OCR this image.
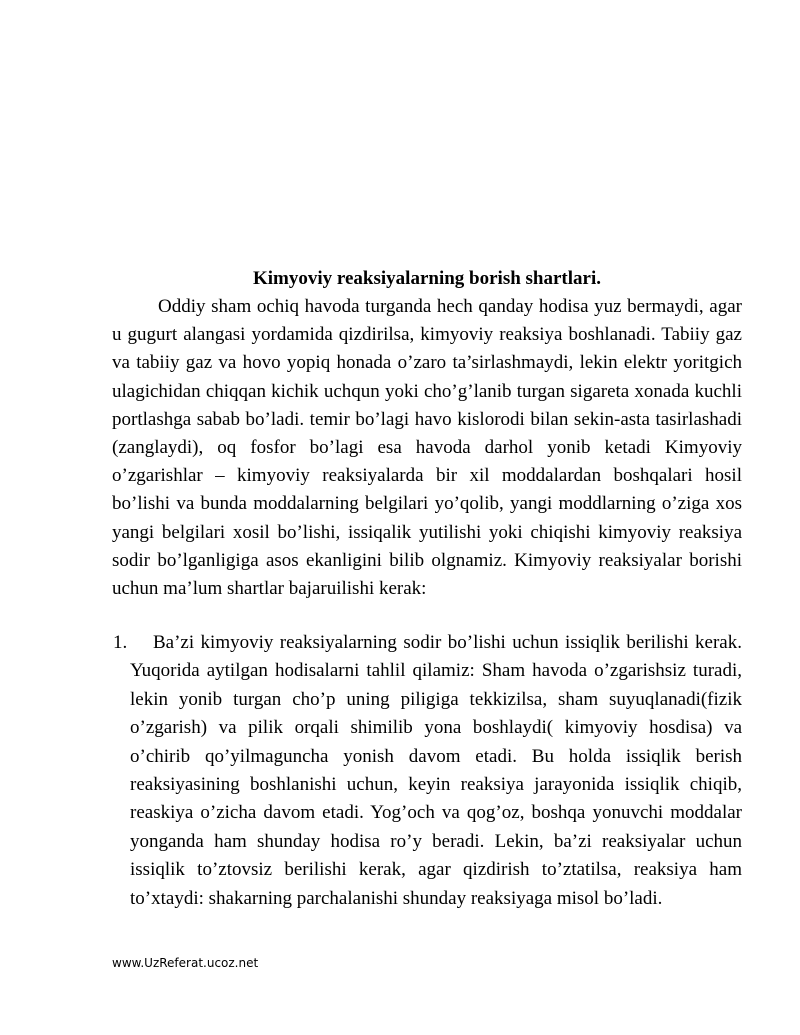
Kimyoviy reaksiyalarning borish shartlari.

Oddiy sham ochiq havoda turganda hech qanday hodisa yuz bermaydi, agar u gugurt alangasi yordamida qizdirilsa, kimyoviy reaksiya boshlanadi. Tabiiy gaz va tabiiy gaz va hovo yopiq honada o’zaro ta’sirlashmaydi, lekin elektr yoritgich ulagichidan chiqqan kichik uchqun yoki cho’g’lanib turgan sigareta xonada kuchli portlashga sabab bo’ladi. temir bo’lagi havo kislorodi bilan sekin-asta tasirlashadi (zanglaydi), oq fosfor bo’lagi esa havoda darhol yonib ketadi Kimyoviy o’zgarishlar – kimyoviy reaksiyalarda bir xil moddalardan boshqalari hosil bo’lishi va bunda moddalarning belgilari yo’qolib, yangi moddlarning o’ziga xos yangi belgilari xosil bo’lishi, issiqalik yutilishi yoki chiqishi kimyoviy reaksiya sodir bo’lganligiga asos ekanligini bilib olgnamiz. Kimyoviy reaksiyalar borishi uchun ma’lum shartlar bajaruilishi kerak:

1. Ba’zi kimyoviy reaksiyalarning sodir bo’lishi uchun issiqlik berilishi kerak. Yuqorida aytilgan hodisalarni tahlil qilamiz: Sham havoda o’zgarishsiz turadi, lekin yonib turgan cho’p uning piligiga tekkizilsa, sham suyuqlanadi(fizik o’zgarish) va pilik orqali shimilib yona boshlaydi( kimyoviy hosdisa) va o’chirib qo’yilmaguncha yonish davom etadi. Bu holda issiqlik berish reaksiyasining boshlanishi uchun, keyin reaksiya jarayonida issiqlik chiqib, reaskiya o’zicha davom etadi. Yog’och va qog’oz, boshqa yonuvchi moddalar yonganda ham shunday hodisa ro’y beradi. Lekin, ba’zi reaksiyalar uchun issiqlik to’ztovsiz berilishi kerak, agar qizdirish to’ztatilsa, reaksiya ham to’xtaydi: shakarning parchalanishi shunday reaksiyaga misol bo’ladi.
www.UzReferat.ucoz.net
